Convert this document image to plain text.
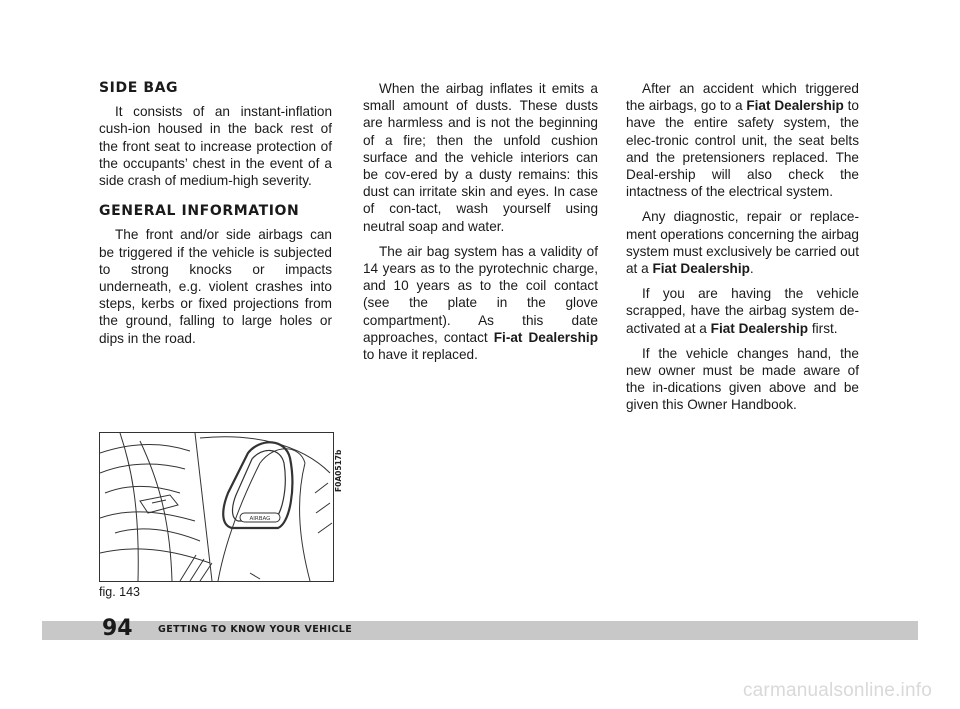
SIDE BAG

It consists of an instant-inflation cush-ion housed in the back rest of the front seat to increase protection of the occupants’ chest in the event of a side crash of medium-high severity.

GENERAL INFORMATION

The front and/or side airbags can be triggered if the vehicle is subjected to strong knocks or impacts underneath, e.g. violent crashes into steps, kerbs or fixed projections from the ground, falling to large holes or dips in the road.

When the airbag inflates it emits a small amount of dusts. These dusts are harmless and is not the beginning of a fire; then the unfold cushion surface and the vehicle interiors can be cov-ered by a dusty remains: this dust can irritate skin and eyes. In case of con-tact, wash yourself using neutral soap and water.

The air bag system has a validity of 14 years as to the pyrotechnic charge, and 10 years as to the coil contact (see the plate in the glove compartment). As this date approaches, contact Fi-at Dealership to have it replaced.

After an accident which triggered the airbags, go to a Fiat Dealership to have the entire safety system, the elec-tronic control unit, the seat belts and the pretensioners replaced. The Deal-ership will also check the intactness of the electrical system.

Any diagnostic, repair or replace-ment operations concerning the airbag system must exclusively be carried out at a Fiat Dealership.

If you are having the vehicle scrapped, have the airbag system de-activated at a Fiat Dealership first.

If the vehicle changes hand, the new owner must be made aware of the in-dications given above and be given this Owner Handbook.

AIRBAG
F0A0517b
fig. 143
94	GETTING TO KNOW YOUR VEHICLE
carmanualsonline.info
